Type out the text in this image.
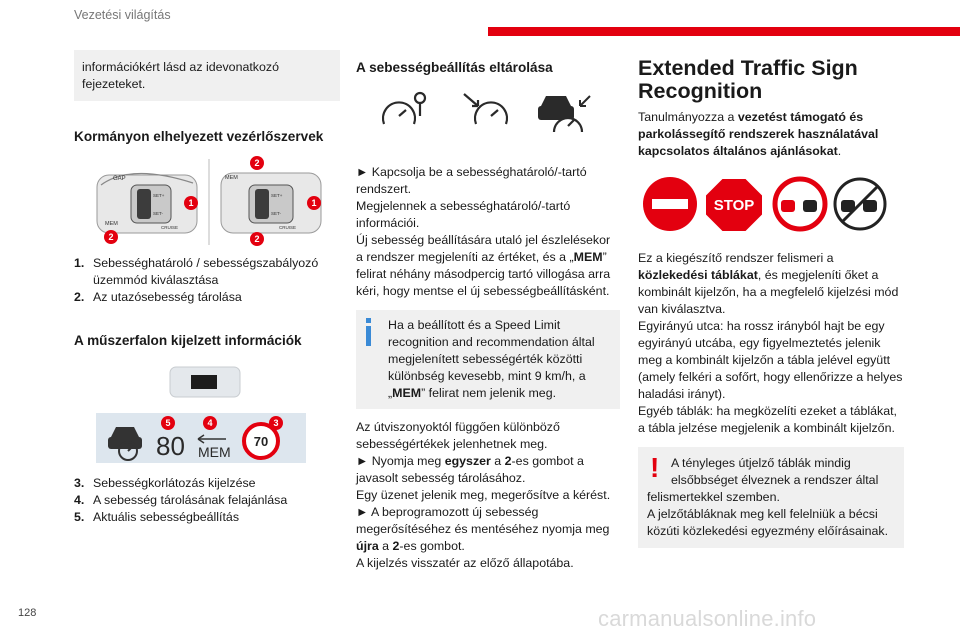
Vezetési világítás
információkért lásd az idevonatkozó fejezeteket.
Kormányon elhelyezett vezérlőszervek
GAP
MEM
SET+
SET-
CRUISE
MEM
SET+
SET-
CRUISE
1
2
1
2
2
1. Sebességhatároló / sebességszabályozó üzemmód kiválasztása
2. Az utazósebesség tárolása
A műszerfalon kijelzett információk
80 MEM
70
5	4	3
3. Sebességkorlátozás kijelzése
4. A sebesség tárolásának felajánlása
5. Aktuális sebességbeállítás
A sebességbeállítás eltárolása
► Kapcsolja be a sebességhatároló/-tartó rendszert.
Megjelennek a sebességhatároló/-tartó információi.
Új sebesség beállítására utaló jel észlelésekor a rendszer megjeleníti az értéket, és a „MEM” felirat néhány másodpercig tartó villogása arra kéri, hogy mentse el új sebességbeállításként.
Ha a beállított és a Speed Limit recognition and recommendation által megjelenített sebességérték közötti különbség kevesebb, mint 9 km/h, a „MEM” felirat nem jelenik meg.
Az útviszonyoktól függően különböző sebességértékek jelenhetnek meg.
► Nyomja meg egyszer a 2-es gombot a javasolt sebesség tárolásához.
Egy üzenet jelenik meg, megerősítve a kérést.
► A beprogramozott új sebesség megerősítéséhez és mentéséhez nyomja meg újra a 2-es gombot.
A kijelzés visszatér az előző állapotába.
Extended Traffic Sign Recognition
Tanulmányozza a vezetést támogató és parkolássegítő rendszerek használatával kapcsolatos általános ajánlásokat.
STOP
Ez a kiegészítő rendszer felismeri a közlekedési táblákat, és megjeleníti őket a kombinált kijelzőn, ha a megfelelő kijelzési mód van kiválasztva.
Egyirányú utca: ha rossz irányból hajt be egy egyirányú utcába, egy figyelmeztetés jelenik meg a kombinált kijelzőn a tábla jelével együtt (amely felkéri a sofőrt, hogy ellenőrizze a helyes haladási irányt).
Egyéb táblák: ha megközelíti ezeket a táblákat, a tábla jelzése megjelenik a kombinált kijelzőn.
! A tényleges útjelző táblák mindig elsőbbséget élveznek a rendszer által
felismertekkel szemben.
A jelzőtábláknak meg kell felelniük a bécsi közúti közlekedési egyezmény előírásainak.
128	carmanualsonline.info
